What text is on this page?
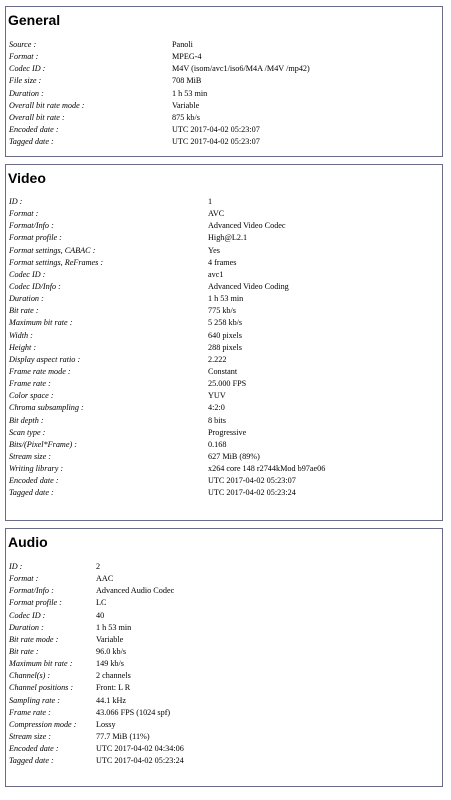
General
Source :	Panoli
Format :	MPEG-4
Codec ID :	M4V (isom/avc1/iso6/M4A /M4V /mp42)
File size :	708 MiB
Duration :	1 h 53 min
Overall bit rate mode :	Variable
Overall bit rate :	875 kb/s
Encoded date :	UTC 2017-04-02 05:23:07
Tagged date :	UTC 2017-04-02 05:23:07
Video
ID :	1
Format :	AVC
Format/Info :	Advanced Video Codec
Format profile :	High@L2.1
Format settings, CABAC :	Yes
Format settings, ReFrames :	4 frames
Codec ID :	avc1
Codec ID/Info :	Advanced Video Coding
Duration :	1 h 53 min
Bit rate :	775 kb/s
Maximum bit rate :	5 258 kb/s
Width :	640 pixels
Height :	288 pixels
Display aspect ratio :	2.222
Frame rate mode :	Constant
Frame rate :	25.000 FPS
Color space :	YUV
Chroma subsampling :	4:2:0
Bit depth :	8 bits
Scan type :	Progressive
Bits/(Pixel*Frame) :	0.168
Stream size :	627 MiB (89%)
Writing library :	x264 core 148 r2744kMod b97ae06
Encoded date :	UTC 2017-04-02 05:23:07
Tagged date :	UTC 2017-04-02 05:23:24
Audio
ID :	2
Format :	AAC
Format/Info :	Advanced Audio Codec
Format profile :	LC
Codec ID :	40
Duration :	1 h 53 min
Bit rate mode :	Variable
Bit rate :	96.0 kb/s
Maximum bit rate :	149 kb/s
Channel(s) :	2 channels
Channel positions :	Front: L R
Sampling rate :	44.1 kHz
Frame rate :	43.066 FPS (1024 spf)
Compression mode : Lossy
Stream size :	77.7 MiB (11%)
Encoded date :	UTC 2017-04-02 04:34:06
Tagged date :	UTC 2017-04-02 05:23:24
